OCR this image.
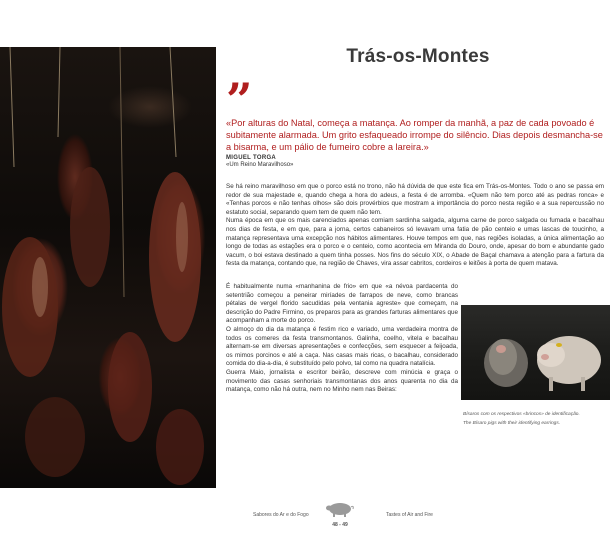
Trás-os-Montes
”
«Por alturas do Natal, começa a matança. Ao romper da manhã, a paz de cada povoado é subitamente alarmada. Um grito esfaqueado irrompe do silêncio. Dias depois desmancha-se a bisarma, e um pálio de fumeiro cobre a lareira.»
MIGUEL TORGA
«Um Reino Maravilhoso»

Se há reino maravilhoso em que o porco está no trono, não há dúvida de que este fica em Trás-os-Montes. Todo o ano se passa em redor de sua majestade e, quando chega a hora do adeus, a festa é de arromba. «Quem não tem porco até as pedras ronca» e «Tenhas porcos e não tenhas olhos» são dois provérbios que mostram a importância do porco nesta região e a sua repercussão no estatuto social, separando quem tem de quem não tem.

Numa época em que os mais carenciados apenas comiam sardinha salgada, alguma carne de porco salgada ou fumada e bacalhau nos dias de festa, e em que, para a jorna, certos cabaneiros só levavam uma fatia de pão centeio e umas lascas de toucinho, a matança representava uma excepção nos hábitos alimentares. Houve tempos em que, nas regiões isoladas, a única alimentação ao longo de todas as estações era o porco e o centeio, como acontecia em Miranda do Douro, onde, apesar do bom e abundante gado vacum, o boi estava destinado a quem tinha posses. Nos fins do século XIX, o Abade de Baçal chamava a atenção para a fartura da festa da matança, contando que, na região de Chaves, vira assar cabritos, cordeiros e leitões à porta de quem matava.

É habitualmente numa «manhanina de frio» em que «a névoa pardacenta do setentrião começou a peneirar miríades de farrapos de neve, como brancas pétalas de vergel florido sacudidas pela ventania agreste» que começam, na descrição do Padre Firmino, os preparos para as grandes farturas alimentares que acompanham a morte do porco.

O almoço do dia da matança é festim rico e variado, uma verdadeira montra de todos os comeres da festa transmontanos. Galinha, coelho, vitela e bacalhau alternam-se em diversas apresentações e confecções, sem esquecer a feijoada, os mimos porcinos e até a caça. Nas casas mais ricas, o bacalhau, considerado comida do dia-a-dia, é substituído pelo polvo, tal como na quadra natalícia.

Guerra Maio, jornalista e escritor beirão, descreve com minúcia e graça o movimento das casas senhoriais transmontanas dos anos quarenta no dia da matança, como não há outra, nem no Minho nem nas Beiras:

Bísaros com os respectivos «brincos» de identificação.

The Bísaro pigs with their identifying earrings.

Sabores do Ar e do Fogo	Tastes of Air and Fire
48 - 49
